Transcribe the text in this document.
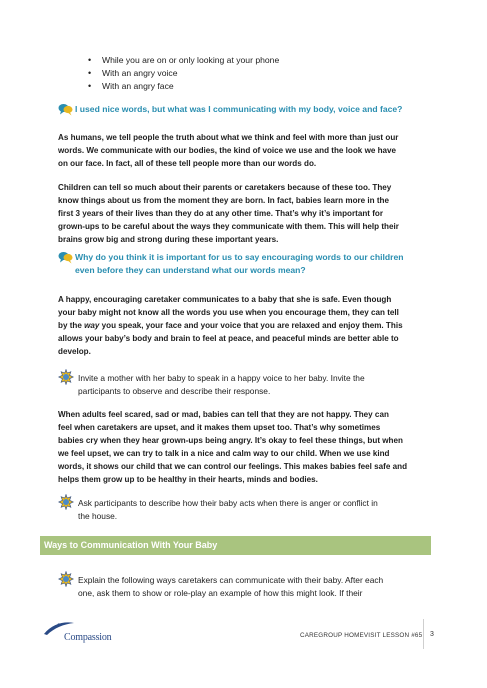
• While you are on or only looking at your phone
• With an angry voice
• With an angry face
I used nice words, but what was I communicating with my body, voice and face?
As humans, we tell people the truth about what we think and feel with more than just our
words. We communicate with our bodies, the kind of voice we use and the look we have
on our face. In fact, all of these tell people more than our words do.
Children can tell so much about their parents or caretakers because of these too. They
know things about us from the moment they are born. In fact, babies learn more in the
first 3 years of their lives than they do at any other time. That’s why it’s important for
grown-ups to be careful about the ways they communicate with them. This will help their
brains grow big and strong during these important years.
Why do you think it is important for us to say encouraging words to our children
even before they can understand what our words mean?
A happy, encouraging caretaker communicates to a baby that she is safe. Even though
your baby might not know all the words you use when you encourage them, they can tell
by the way you speak, your face and your voice that you are relaxed and enjoy them. This
allows your baby’s body and brain to feel at peace, and peaceful minds are better able to
develop.
Invite a mother with her baby to speak in a happy voice to her baby. Invite the
participants to observe and describe their response.
When adults feel scared, sad or mad, babies can tell that they are not happy. They can
feel when caretakers are upset, and it makes them upset too. That’s why sometimes
babies cry when they hear grown-ups being angry. It’s okay to feel these things, but when
we feel upset, we can try to talk in a nice and calm way to our child. When we use kind
words, it shows our child that we can control our feelings. This makes babies feel safe and
helps them grow up to be healthy in their hearts, minds and bodies.
Ask participants to describe how their baby acts when there is anger or conflict in
the house.
Ways to Communication With Your Baby
Explain the following ways caretakers can communicate with their baby. After each
one, ask them to show or role-play an example of how this might look. If their
Compassion	CAREGROUP HOMEVISIT LESSON #65 3
